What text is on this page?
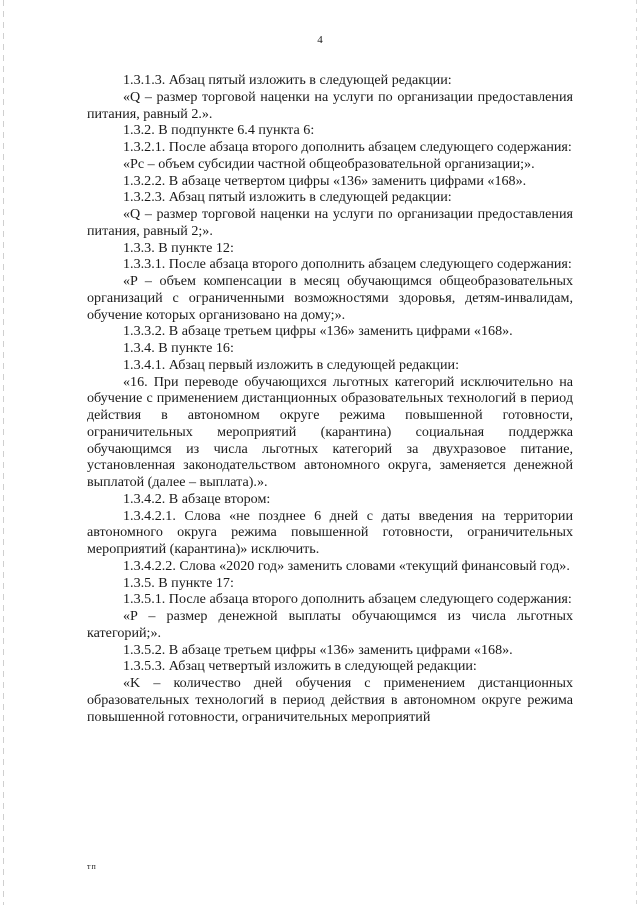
4

1.3.1.3. Абзац пятый изложить в следующей редакции:

«Q – размер торговой наценки на услуги по организации предоставления питания, равный 2.».

1.3.2. В подпункте 6.4 пункта 6:

1.3.2.1. После абзаца второго дополнить абзацем следующего содержания:

«Pc – объем субсидии частной общеобразовательной организации;».

1.3.2.2. В абзаце четвертом цифры «136» заменить цифрами «168».

1.3.2.3. Абзац пятый изложить в следующей редакции:

«Q – размер торговой наценки на услуги по организации предоставления питания, равный 2;».

1.3.3. В пункте 12:

1.3.3.1. После абзаца второго дополнить абзацем следующего содержания:

«P – объем компенсации в месяц обучающимся общеобразовательных организаций с ограниченными возможностями здоровья, детям-инвалидам, обучение которых организовано на дому;».

1.3.3.2. В абзаце третьем цифры «136» заменить цифрами «168».

1.3.4. В пункте 16:

1.3.4.1. Абзац первый изложить в следующей редакции:

«16. При переводе обучающихся льготных категорий исключительно на обучение с применением дистанционных образовательных технологий в период действия в автономном округе режима повышенной готовности, ограничительных мероприятий (карантина) социальная поддержка обучающимся из числа льготных категорий за двухразовое питание, установленная законодательством автономного округа, заменяется денежной выплатой (далее – выплата).».

1.3.4.2. В абзаце втором:

1.3.4.2.1. Слова «не позднее 6 дней с даты введения на территории автономного округа режима повышенной готовности, ограничительных мероприятий (карантина)» исключить.

1.3.4.2.2. Слова «2020 год» заменить словами «текущий финансовый год».

1.3.5. В пункте 17:

1.3.5.1. После абзаца второго дополнить абзацем следующего содержания:

«P – размер денежной выплаты обучающимся из числа льготных категорий;».

1.3.5.2. В абзаце третьем цифры «136» заменить цифрами «168».

1.3.5.3. Абзац четвертый изложить в следующей редакции:

«K – количество дней обучения с применением дистанционных образовательных технологий в период действия в автономном округе режима повышенной готовности, ограничительных мероприятий

тп
